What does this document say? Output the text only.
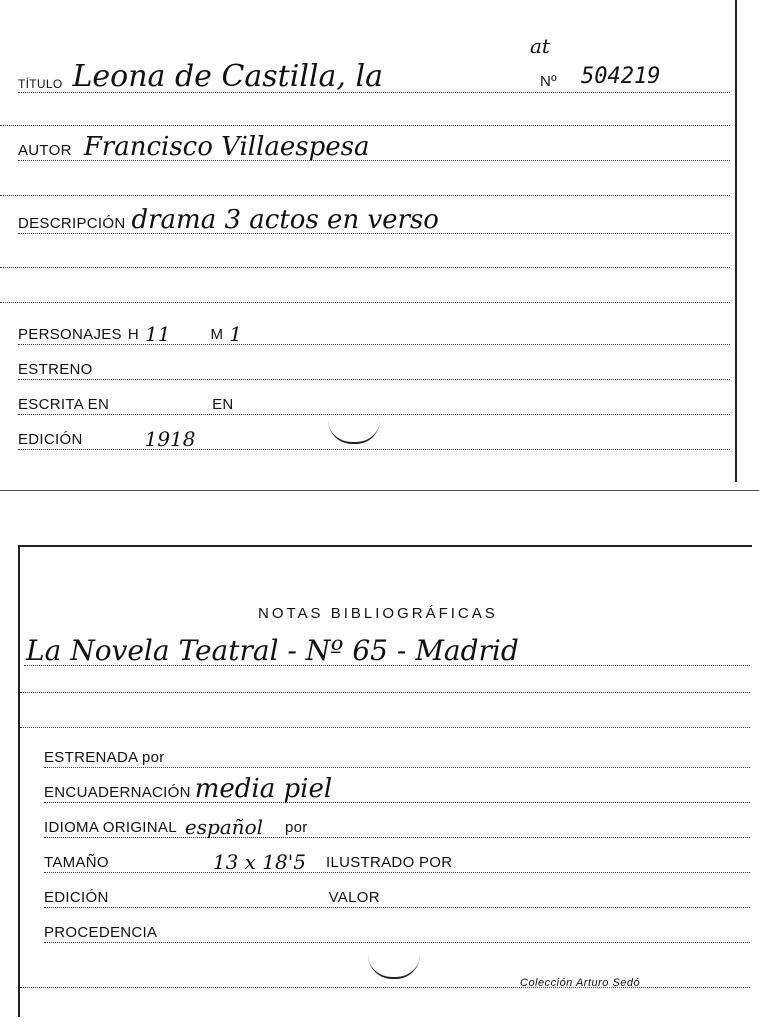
TÍTULO Leona de Castilla, la
at
Nº 504219
AUTOR Francisco Villaespesa
DESCRIPCIÓN drama 3 actos en verso
PERSONAJES H 11	M 1
ESTRENO
ESCRITA EN	EN
EDICIÓN	1918
NOTAS BIBLIOGRÁFICAS
La Novela Teatral - Nº 65 - Madrid
ESTRENADA por
ENCUADERNACIÓN media piel
IDIOMA ORIGINAL español por
TAMAÑO	13 x 18'5 ILUSTRADO POR
EDICIÓN	VALOR
PROCEDENCIA
Colección Arturo Sedó
